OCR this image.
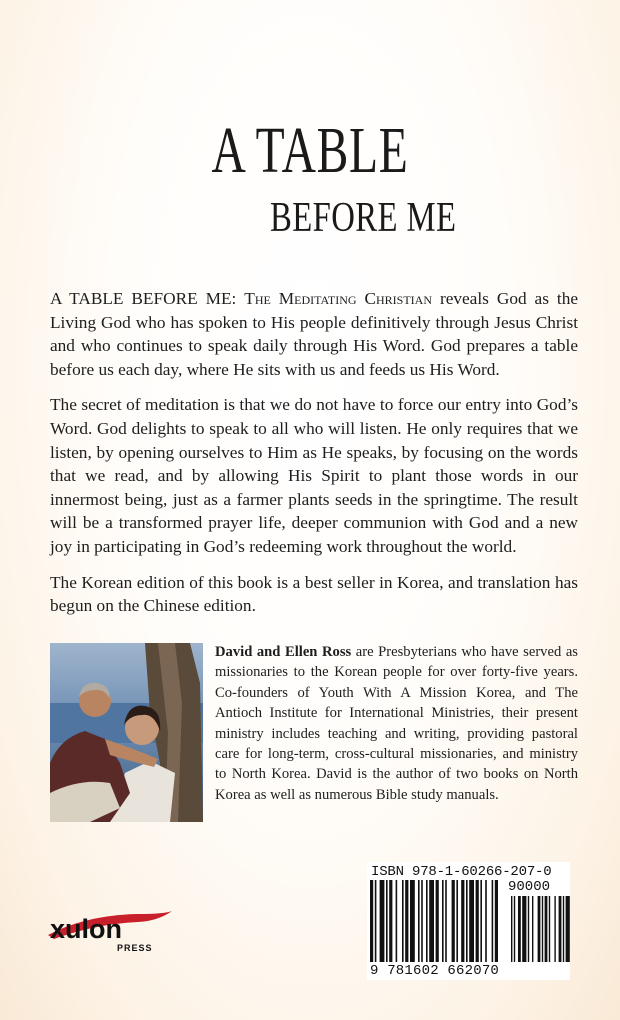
A TABLE
BEFORE ME

A TABLE BEFORE ME: The Meditating Christian reveals God as the Living God who has spoken to His people definitively through Jesus Christ and who continues to speak daily through His Word. God prepares a table before us each day, where He sits with us and feeds us His Word.

The secret of meditation is that we do not have to force our entry into God’s Word. God delights to speak to all who will listen. He only requires that we listen, by opening ourselves to Him as He speaks, by focusing on the words that we read, and by allowing His Spirit to plant those words in our innermost being, just as a farmer plants seeds in the springtime. The result will be a transformed prayer life, deeper communion with God and a new joy in participating in God’s redeeming work throughout the world.

The Korean edition of this book is a best seller in Korea, and translation has begun on the Chinese edition.

David and Ellen Ross are Presbyterians who have served as missionaries to the Korean people for over forty-five years. Co-founders of Youth With A Mission Korea, and The Antioch Institute for International Ministries, their present ministry includes teaching and writing, providing pastoral care for long-term, cross-cultural missionaries, and ministry to North Korea. David is the author of two books on North Korea as well as numerous Bible study manuals.
xulon
PRESS
ISBN 978-1-60266-207-0
90000
9 781602 662070
